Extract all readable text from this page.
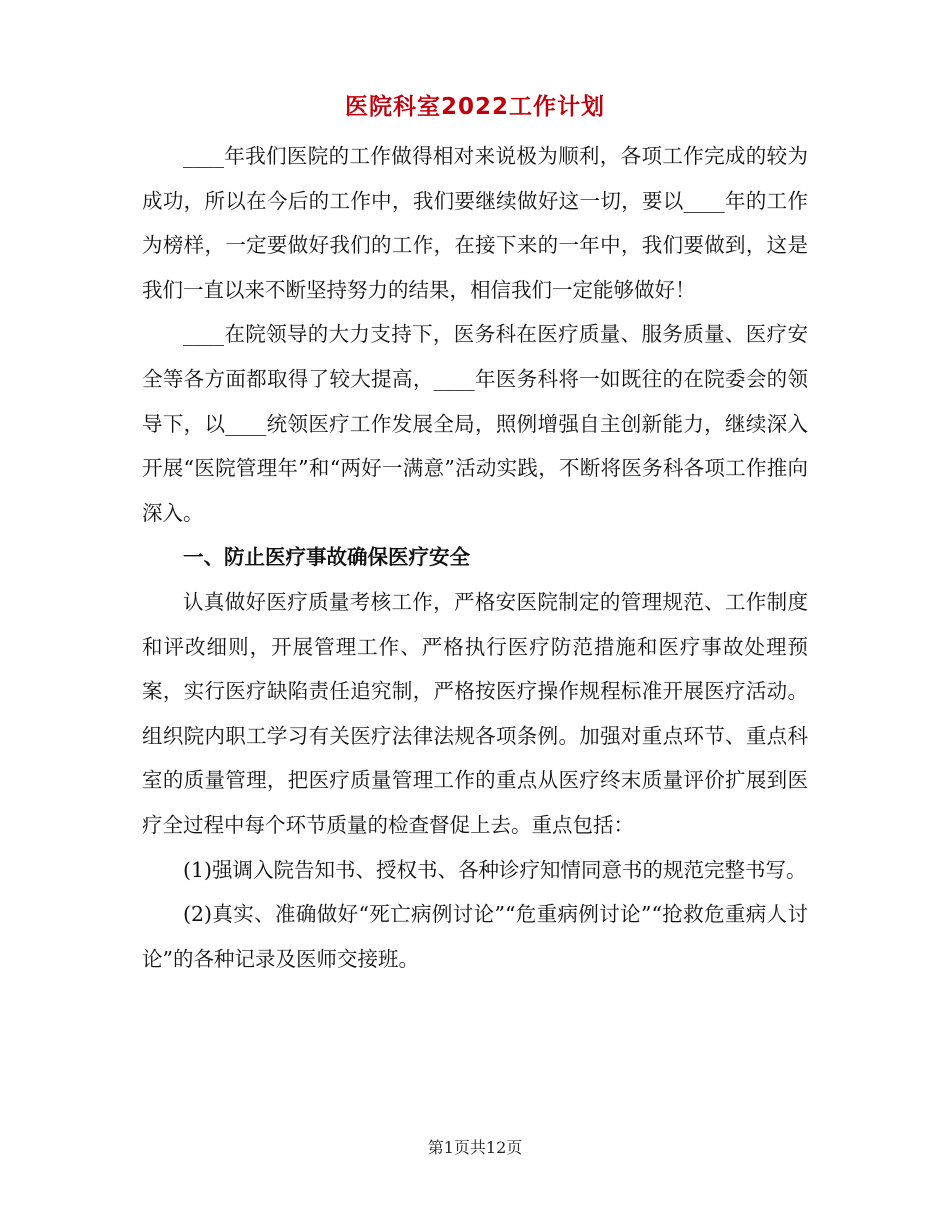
医院科室2022工作计划

____年我们医院的工作做得相对来说极为顺利，各项工作完成的较为成功，所以在今后的工作中，我们要继续做好这一切，要以____年的工作为榜样，一定要做好我们的工作，在接下来的一年中，我们要做到，这是我们一直以来不断坚持努力的结果，相信我们一定能够做好！

____在院领导的大力支持下，医务科在医疗质量、服务质量、医疗安全等各方面都取得了较大提高，____年医务科将一如既往的在院委会的领导下，以____统领医疗工作发展全局，照例增强自主创新能力，继续深入开展“医院管理年”和“两好一满意”活动实践，不断将医务科各项工作推向深入。

一、防止医疗事故确保医疗安全

认真做好医疗质量考核工作，严格安医院制定的管理规范、工作制度和评改细则，开展管理工作、严格执行医疗防范措施和医疗事故处理预案，实行医疗缺陷责任追究制，严格按医疗操作规程标准开展医疗活动。组织院内职工学习有关医疗法律法规各项条例。加强对重点环节、重点科室的质量管理，把医疗质量管理工作的重点从医疗终末质量评价扩展到医疗全过程中每个环节质量的检查督促上去。重点包括：

(1)强调入院告知书、授权书、各种诊疗知情同意书的规范完整书写。

(2)真实、准确做好“死亡病例讨论”“危重病例讨论”“抢救危重病人讨论”的各种记录及医师交接班。

第1页共12页
